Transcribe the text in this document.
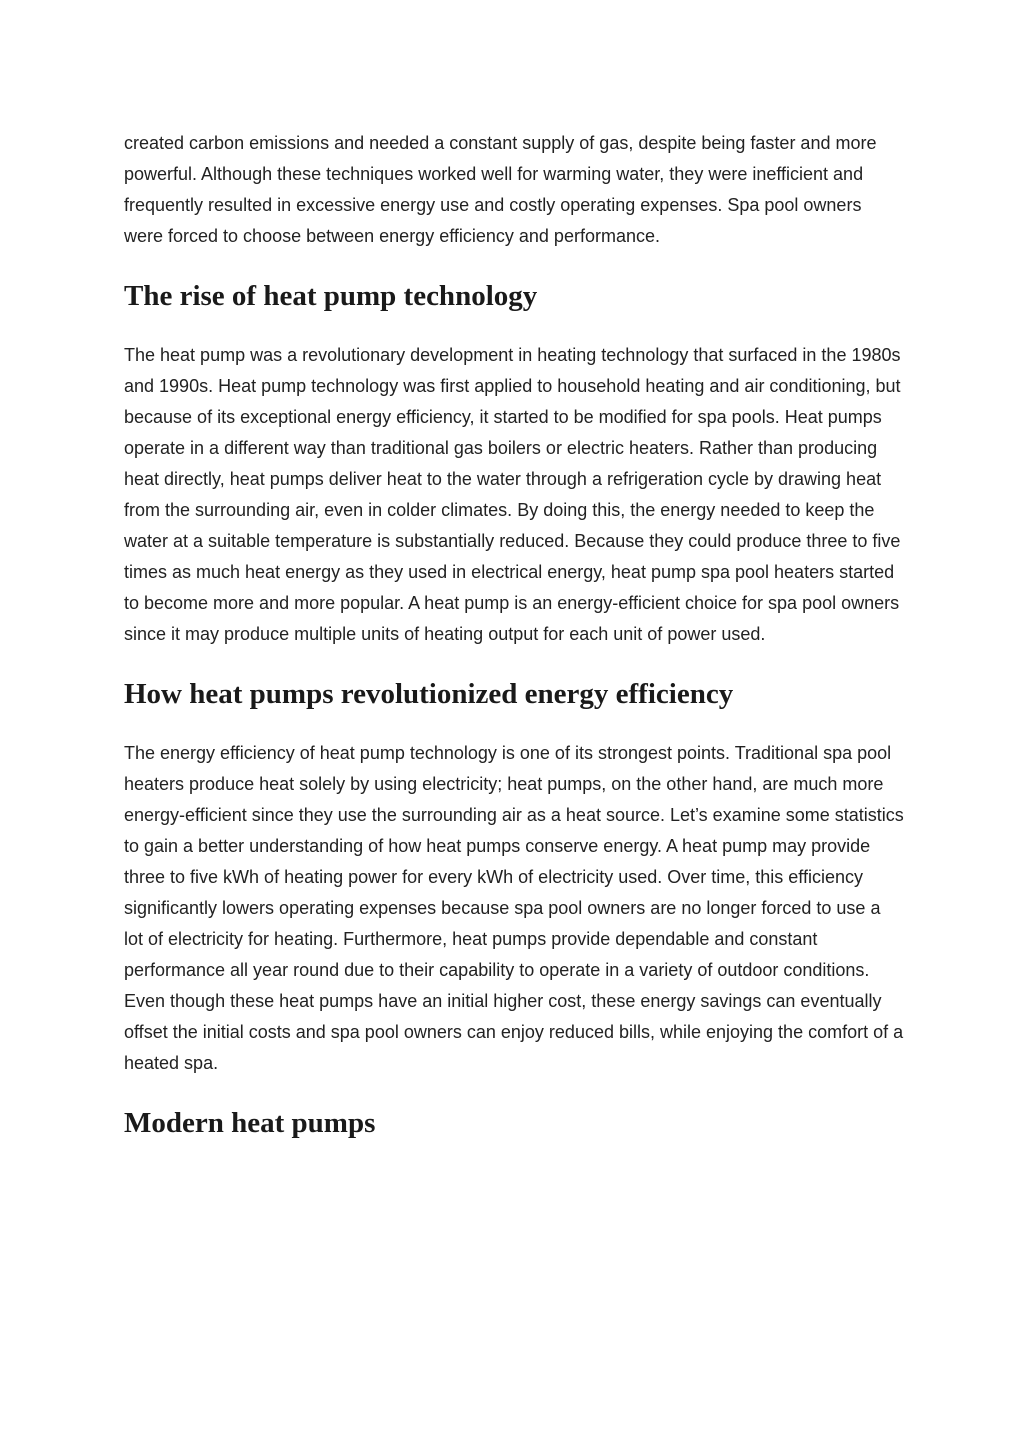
created carbon emissions and needed a constant supply of gas, despite being faster and more powerful. Although these techniques worked well for warming water, they were inefficient and frequently resulted in excessive energy use and costly operating expenses. Spa pool owners were forced to choose between energy efficiency and performance.

The rise of heat pump technology

The heat pump was a revolutionary development in heating technology that surfaced in the 1980s and 1990s. Heat pump technology was first applied to household heating and air conditioning, but because of its exceptional energy efficiency, it started to be modified for spa pools. Heat pumps operate in a different way than traditional gas boilers or electric heaters. Rather than producing heat directly, heat pumps deliver heat to the water through a refrigeration cycle by drawing heat from the surrounding air, even in colder climates. By doing this, the energy needed to keep the water at a suitable temperature is substantially reduced. Because they could produce three to five times as much heat energy as they used in electrical energy, heat pump spa pool heaters started to become more and more popular. A heat pump is an energy-efficient choice for spa pool owners since it may produce multiple units of heating output for each unit of power used.

How heat pumps revolutionized energy efficiency

The energy efficiency of heat pump technology is one of its strongest points. Traditional spa pool heaters produce heat solely by using electricity; heat pumps, on the other hand, are much more energy-efficient since they use the surrounding air as a heat source. Let’s examine some statistics to gain a better understanding of how heat pumps conserve energy. A heat pump may provide three to five kWh of heating power for every kWh of electricity used. Over time, this efficiency significantly lowers operating expenses because spa pool owners are no longer forced to use a lot of electricity for heating. Furthermore, heat pumps provide dependable and constant performance all year round due to their capability to operate in a variety of outdoor conditions. Even though these heat pumps have an initial higher cost, these energy savings can eventually offset the initial costs and spa pool owners can enjoy reduced bills, while enjoying the comfort of a heated spa.

Modern heat pumps
